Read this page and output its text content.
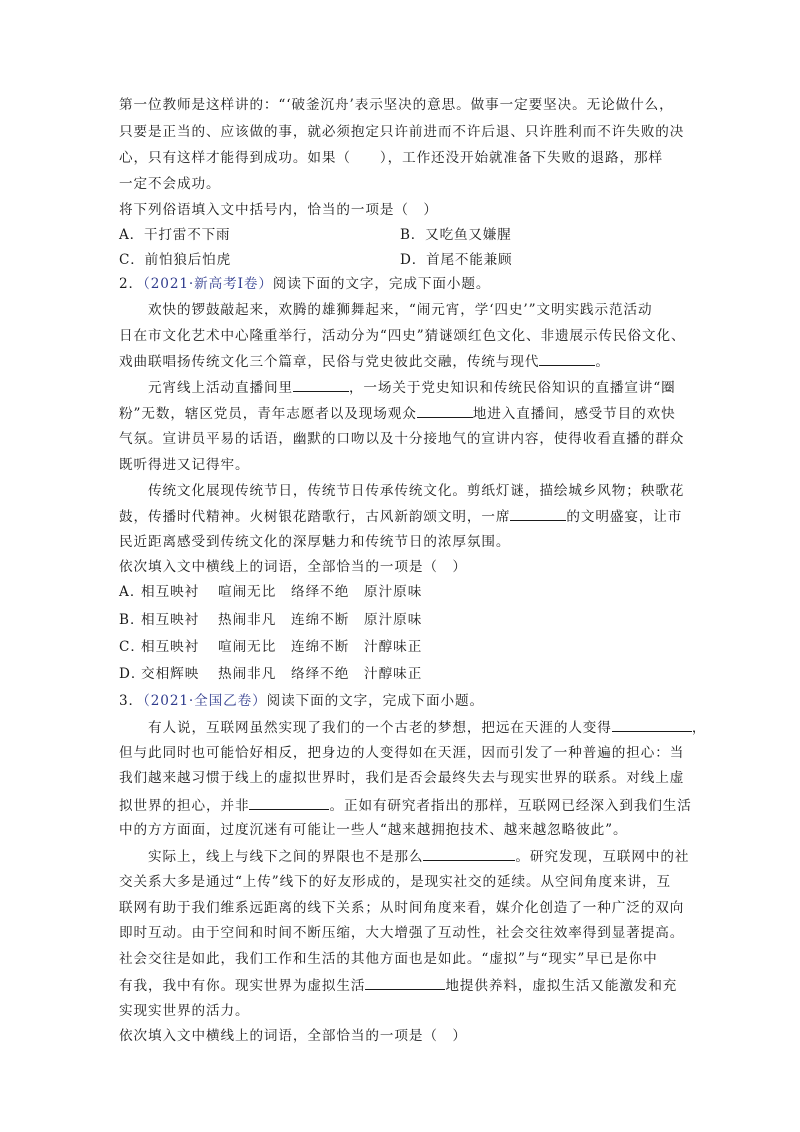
第一位教师是这样讲的：“‘破釜沉舟’表示坚决的意思。做事一定要坚决。无论做什么，
只要是正当的、应该做的事，就必须抱定只许前进而不许后退、只许胜利而不许失败的决
心，只有这样才能得到成功。如果（　　），工作还没开始就准备下失败的退路，那样
一定不会成功。
将下列俗语填入文中括号内，恰当的一项是（　）
A．干打雷不下雨	B．又吃鱼又嫌腥
C．前怕狼后怕虎	D．首尾不能兼顾
2．（2021·新高考Ⅰ卷）阅读下面的文字，完成下面小题。
欢快的锣鼓敲起来，欢腾的雄狮舞起来，“闹元宵，学‘四史’”文明实践示范活动
日在市文化艺术中心隆重举行，活动分为“四史”猜谜颂红色文化、非遗展示传民俗文化、
戏曲联唱扬传统文化三个篇章，民俗与党史彼此交融，传统与现代	。
元宵线上活动直播间里	，一场关于党史知识和传统民俗知识的直播宣讲“圈
粉”无数，辖区党员，青年志愿者以及现场观众	地进入直播间，感受节目的欢快
气氛。宣讲员平易的话语，幽默的口吻以及十分接地气的宣讲内容，使得收看直播的群众
既听得进又记得牢。
传统文化展现传统节日，传统节日传承传统文化。剪纸灯谜，描绘城乡风物；秧歌花
鼓，传播时代精神。火树银花踏歌行，古风新韵颂文明，一席	的文明盛宴，让市
民近距离感受到传统文化的深厚魅力和传统节日的浓厚氛围。
依次填入文中横线上的词语，全部恰当的一项是（　）
A．
相互映衬 喧闹无比 络绎不绝 原汁原味
B．
相互映衬 热闹非凡 连绵不断 原汁原味
C．
相互映衬 喧闹无比 连绵不断 汁醇味正
D．
交相辉映 热闹非凡 络绎不绝 汁醇味正
3．（2021·全国乙卷）阅读下面的文字，完成下面小题。
有人说，互联网虽然实现了我们的一个古老的梦想，把远在天涯的人变得	，
但与此同时也可能恰好相反，把身边的人变得如在天涯，因而引发了一种普遍的担心：当
我们越来越习惯于线上的虚拟世界时，我们是否会最终失去与现实世界的联系。对线上虚
拟世界的担心，并非	。正如有研究者指出的那样，互联网已经深入到我们生活
中的方方面面，过度沉迷有可能让一些人“越来越拥抱技术、越来越忽略彼此”。
实际上，线上与线下之间的界限也不是那么	。研究发现，互联网中的社
交关系大多是通过“上传”线下的好友形成的，是现实社交的延续。从空间角度来讲，互
联网有助于我们维系远距离的线下关系；从时间角度来看，媒介化创造了一种广泛的双向
即时互动。由于空间和时间不断压缩，大大增强了互动性，社会交往效率得到显著提高。
社会交往是如此，我们工作和生活的其他方面也是如此。“虚拟”与“现实”早已是你中
有我，我中有你。现实世界为虚拟生活	地提供养料，虚拟生活又能激发和充
实现实世界的活力。
依次填入文中横线上的词语，全部恰当的一项是（　）
